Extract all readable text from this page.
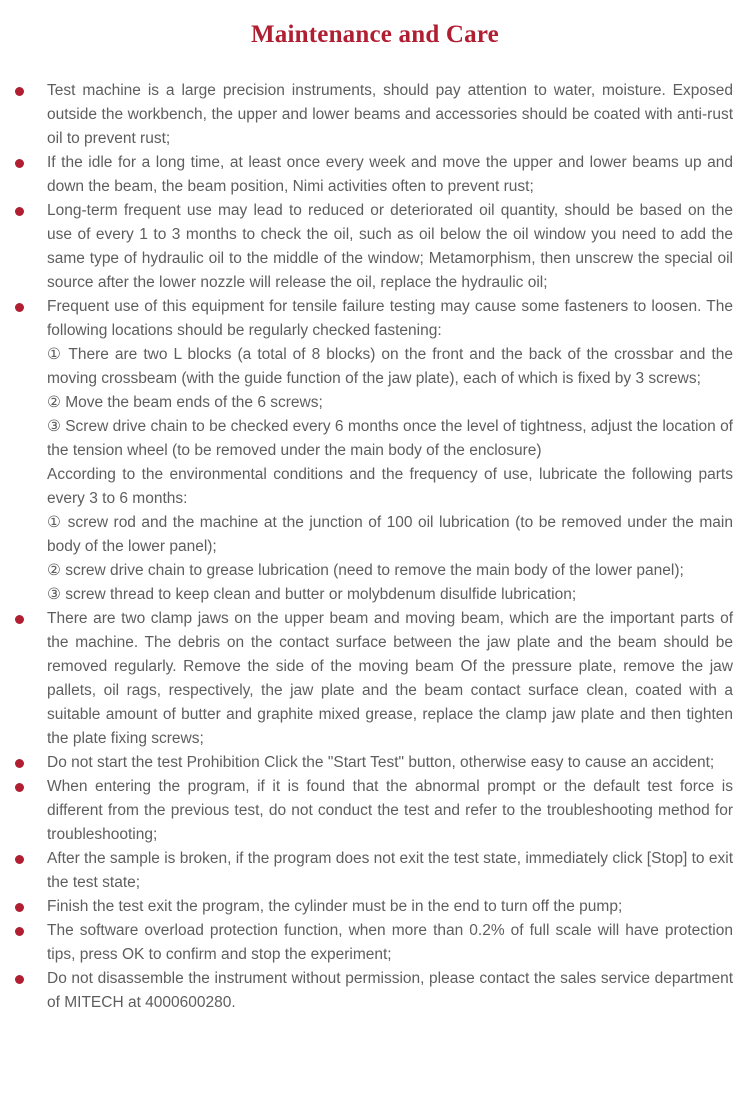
Maintenance and Care

Test machine is a large precision instruments, should pay attention to water, moisture. Exposed outside the workbench, the upper and lower beams and accessories should be coated with anti-rust oil to prevent rust;

If the idle for a long time, at least once every week and move the upper and lower beams up and down the beam, the beam position, Nimi activities often to prevent rust;

Long-term frequent use may lead to reduced or deteriorated oil quantity, should be based on the use of every 1 to 3 months to check the oil, such as oil below the oil window you need to add the same type of hydraulic oil to the middle of the window; Metamorphism, then unscrew the special oil source after the lower nozzle will release the oil, replace the hydraulic oil;

Frequent use of this equipment for tensile failure testing may cause some fasteners to loosen. The following locations should be regularly checked fastening:

① There are two L blocks (a total of 8 blocks) on the front and the back of the crossbar and the moving crossbeam (with the guide function of the jaw plate), each of which is fixed by 3 screws;

② Move the beam ends of the 6 screws;

③ Screw drive chain to be checked every 6 months once the level of tightness, adjust the location of the tension wheel (to be removed under the main body of the enclosure)

According to the environmental conditions and the frequency of use, lubricate the following parts every 3 to 6 months:

① screw rod and the machine at the junction of 100 oil lubrication (to be removed under the main body of the lower panel);

② screw drive chain to grease lubrication (need to remove the main body of the lower panel);

③ screw thread to keep clean and butter or molybdenum disulfide lubrication;

There are two clamp jaws on the upper beam and moving beam, which are the important parts of the machine. The debris on the contact surface between the jaw plate and the beam should be removed regularly. Remove the side of the moving beam Of the pressure plate, remove the jaw pallets, oil rags, respectively, the jaw plate and the beam contact surface clean, coated with a suitable amount of butter and graphite mixed grease, replace the clamp jaw plate and then tighten the plate fixing screws;

Do not start the test Prohibition Click the "Start Test" button, otherwise easy to cause an accident;

When entering the program, if it is found that the abnormal prompt or the default test force is different from the previous test, do not conduct the test and refer to the troubleshooting method for troubleshooting;

After the sample is broken, if the program does not exit the test state, immediately click [Stop] to exit the test state;

Finish the test exit the program, the cylinder must be in the end to turn off the pump;

The software overload protection function, when more than 0.2% of full scale will have protection tips, press OK to confirm and stop the experiment;

Do not disassemble the instrument without permission, please contact the sales service department of MITECH at 4000600280.
